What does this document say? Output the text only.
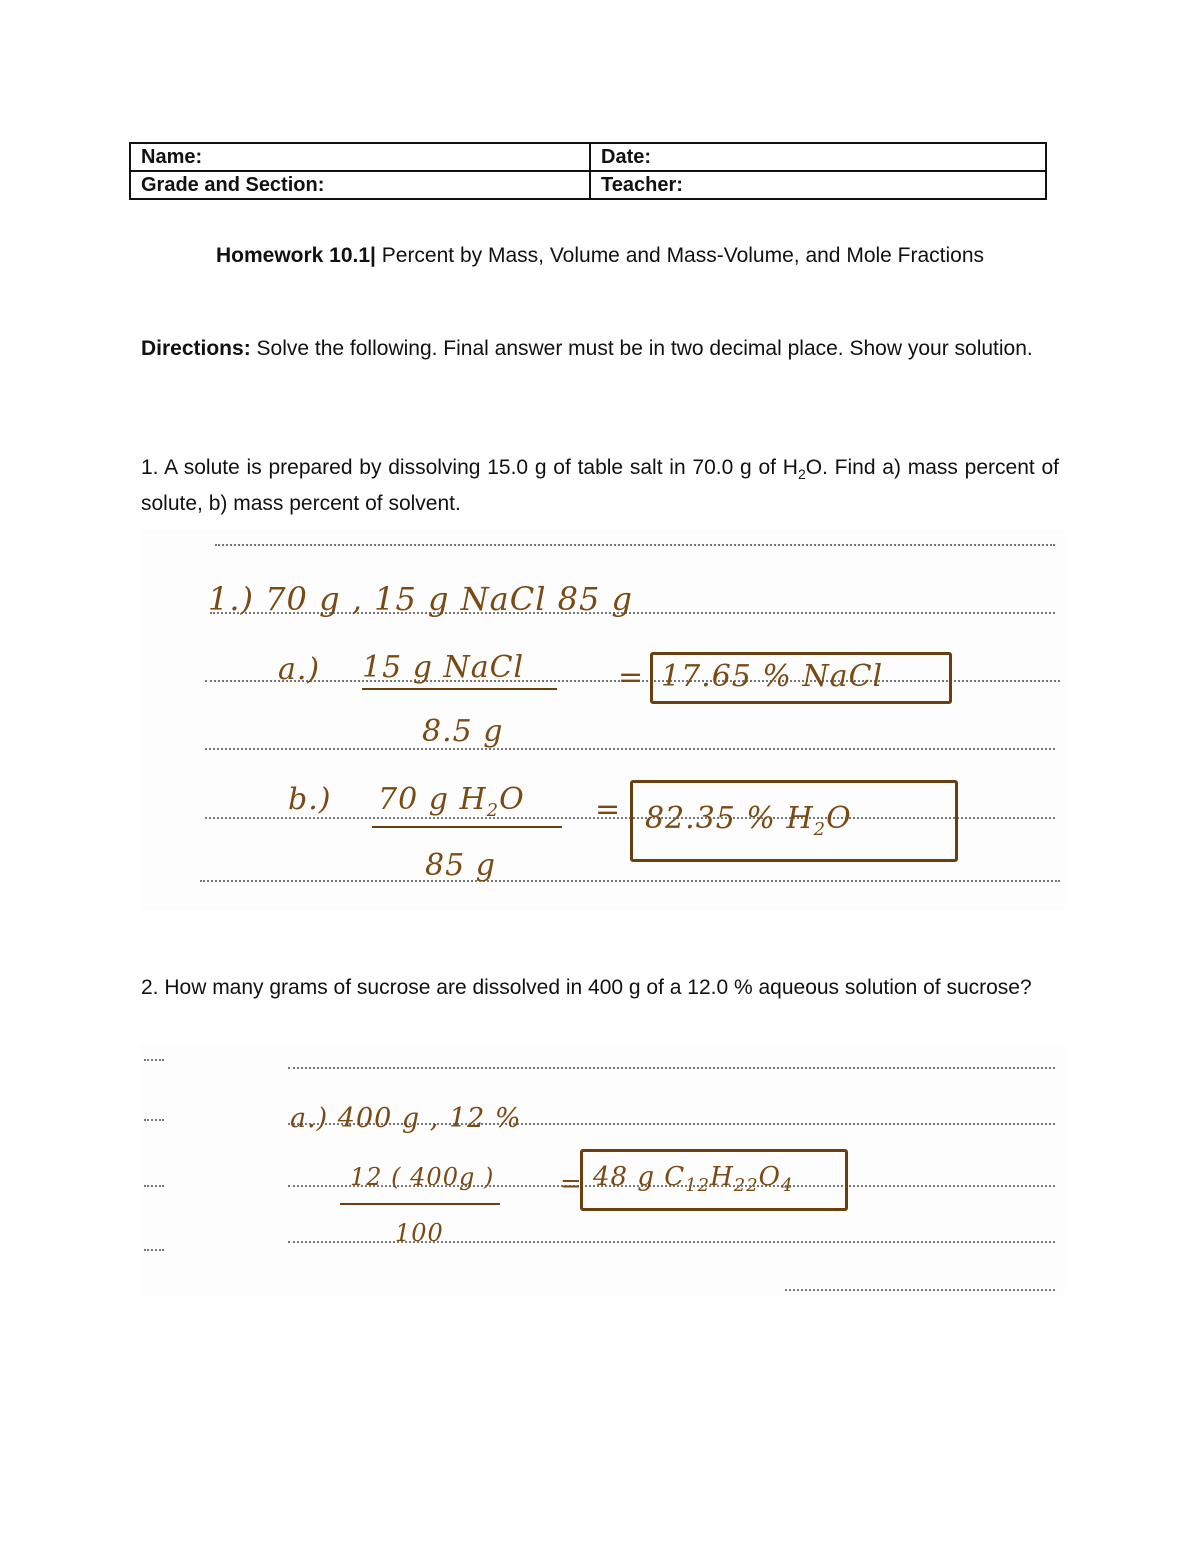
Name:	Date:
Grade and Section:	Teacher:
Homework 10.1| Percent by Mass, Volume and Mass-Volume, and Mole Fractions
Directions: Solve the following. Final answer must be in two decimal place. Show your solution.
1. A solute is prepared by dissolving 15.0 g of table salt in 70.0 g of $H_2O$. Find a) mass percent of solute, b) mass percent of solvent.
1.) 70 g , 15 g NaCl 85 g
a.) 15 g NaCl
8.5 g
= 17.65 % NaCl
b.) 70 g $H_2O$
85 g
= 82.35 % $H_2O$
2. How many grams of sucrose are dissolved in 400 g of a 12.0 % aqueous solution of sucrose?
a.) 400 g , 12 %
12 ( 400g )
100
= 48 g $C_{12}H_{22}O_4$
